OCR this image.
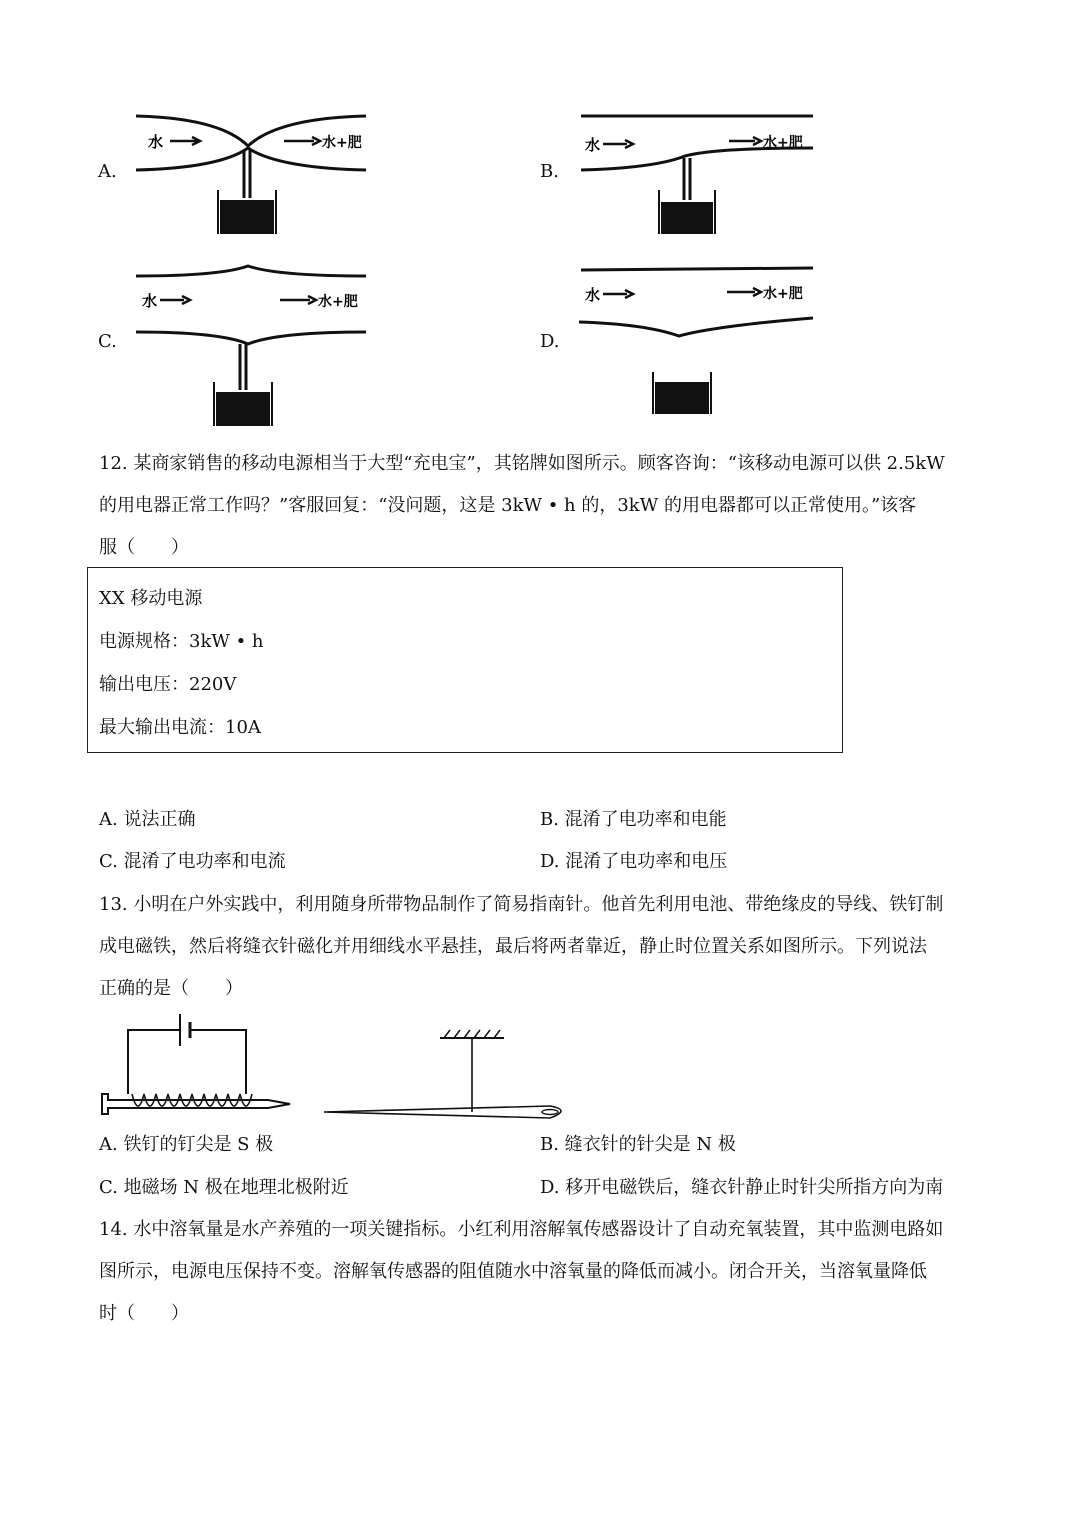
A.	B.
C.	D.
水	水+肥	水	水+肥
水	水+肥	水	水+肥
12. 某商家销售的移动电源相当于大型“充电宝”，其铭牌如图所示。顾客咨询：“该移动电源可以供 2.5kW
的用电器正常工作吗？”客服回复：“没问题，这是 3kW • h 的，3kW 的用电器都可以正常使用。”该客
服（　　）
XX 移动电源
电源规格：3kW • h
输出电压：220V
最大输出电流：10A
A. 说法正确	B. 混淆了电功率和电能
C. 混淆了电功率和电流	D. 混淆了电功率和电压
13. 小明在户外实践中，利用随身所带物品制作了简易指南针。他首先利用电池、带绝缘皮的导线、铁钉制
成电磁铁，然后将缝衣针磁化并用细线水平悬挂，最后将两者靠近，静止时位置关系如图所示。下列说法
正确的是（　　）
A. 铁钉的钉尖是 S 极	B. 缝衣针的针尖是 N 极
C. 地磁场 N 极在地理北极附近	D. 移开电磁铁后，缝衣针静止时针尖所指方向为南
14. 水中溶氧量是水产养殖的一项关键指标。小红利用溶解氧传感器设计了自动充氧装置，其中监测电路如
图所示，电源电压保持不变。溶解氧传感器的阻值随水中溶氧量的降低而减小。闭合开关，当溶氧量降低
时（　　）
